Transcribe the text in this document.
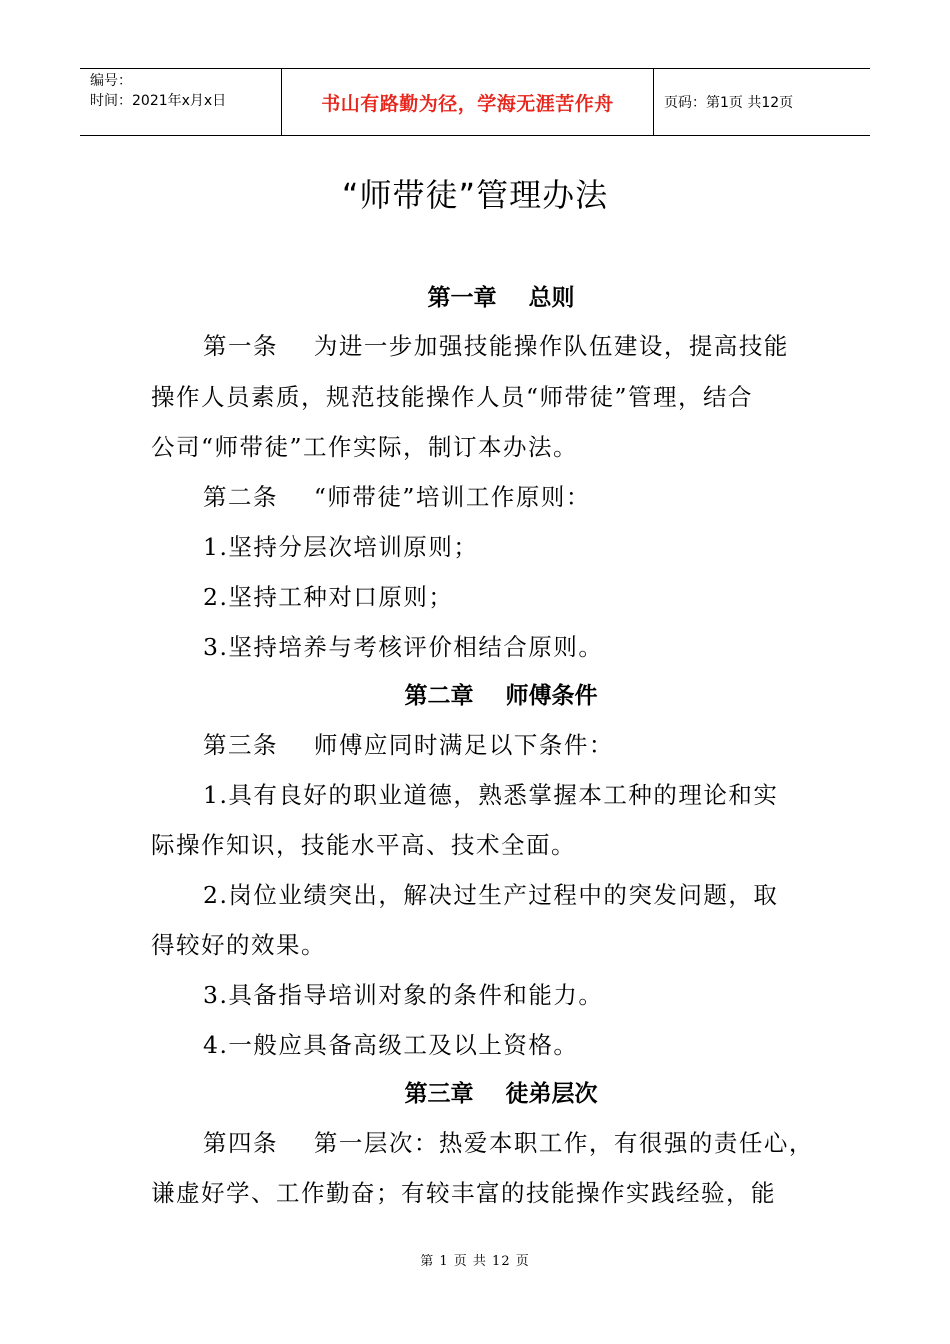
编号：
时间：2021年x月x日	书山有路勤为径，学海无涯苦作舟	页码：第1页 共12页
“师带徒”管理办法
第一章    总则
第一条    为进一步加强技能操作队伍建设，提高技能
操作人员素质，规范技能操作人员“师带徒”管理，结合
公司“师带徒”工作实际，制订本办法。
第二条    “师带徒”培训工作原则：
1.坚持分层次培训原则；
2.坚持工种对口原则；
3.坚持培养与考核评价相结合原则。
第二章    师傅条件
第三条    师傅应同时满足以下条件：
1.具有良好的职业道德，熟悉掌握本工种的理论和实
际操作知识，技能水平高、技术全面。
2.岗位业绩突出，解决过生产过程中的突发问题，取
得较好的效果。
3.具备指导培训对象的条件和能力。
4.一般应具备高级工及以上资格。
第三章    徒弟层次
第四条    第一层次：热爱本职工作，有很强的责任心，
谦虚好学、工作勤奋；有较丰富的技能操作实践经验，能
第 1 页 共 12 页
